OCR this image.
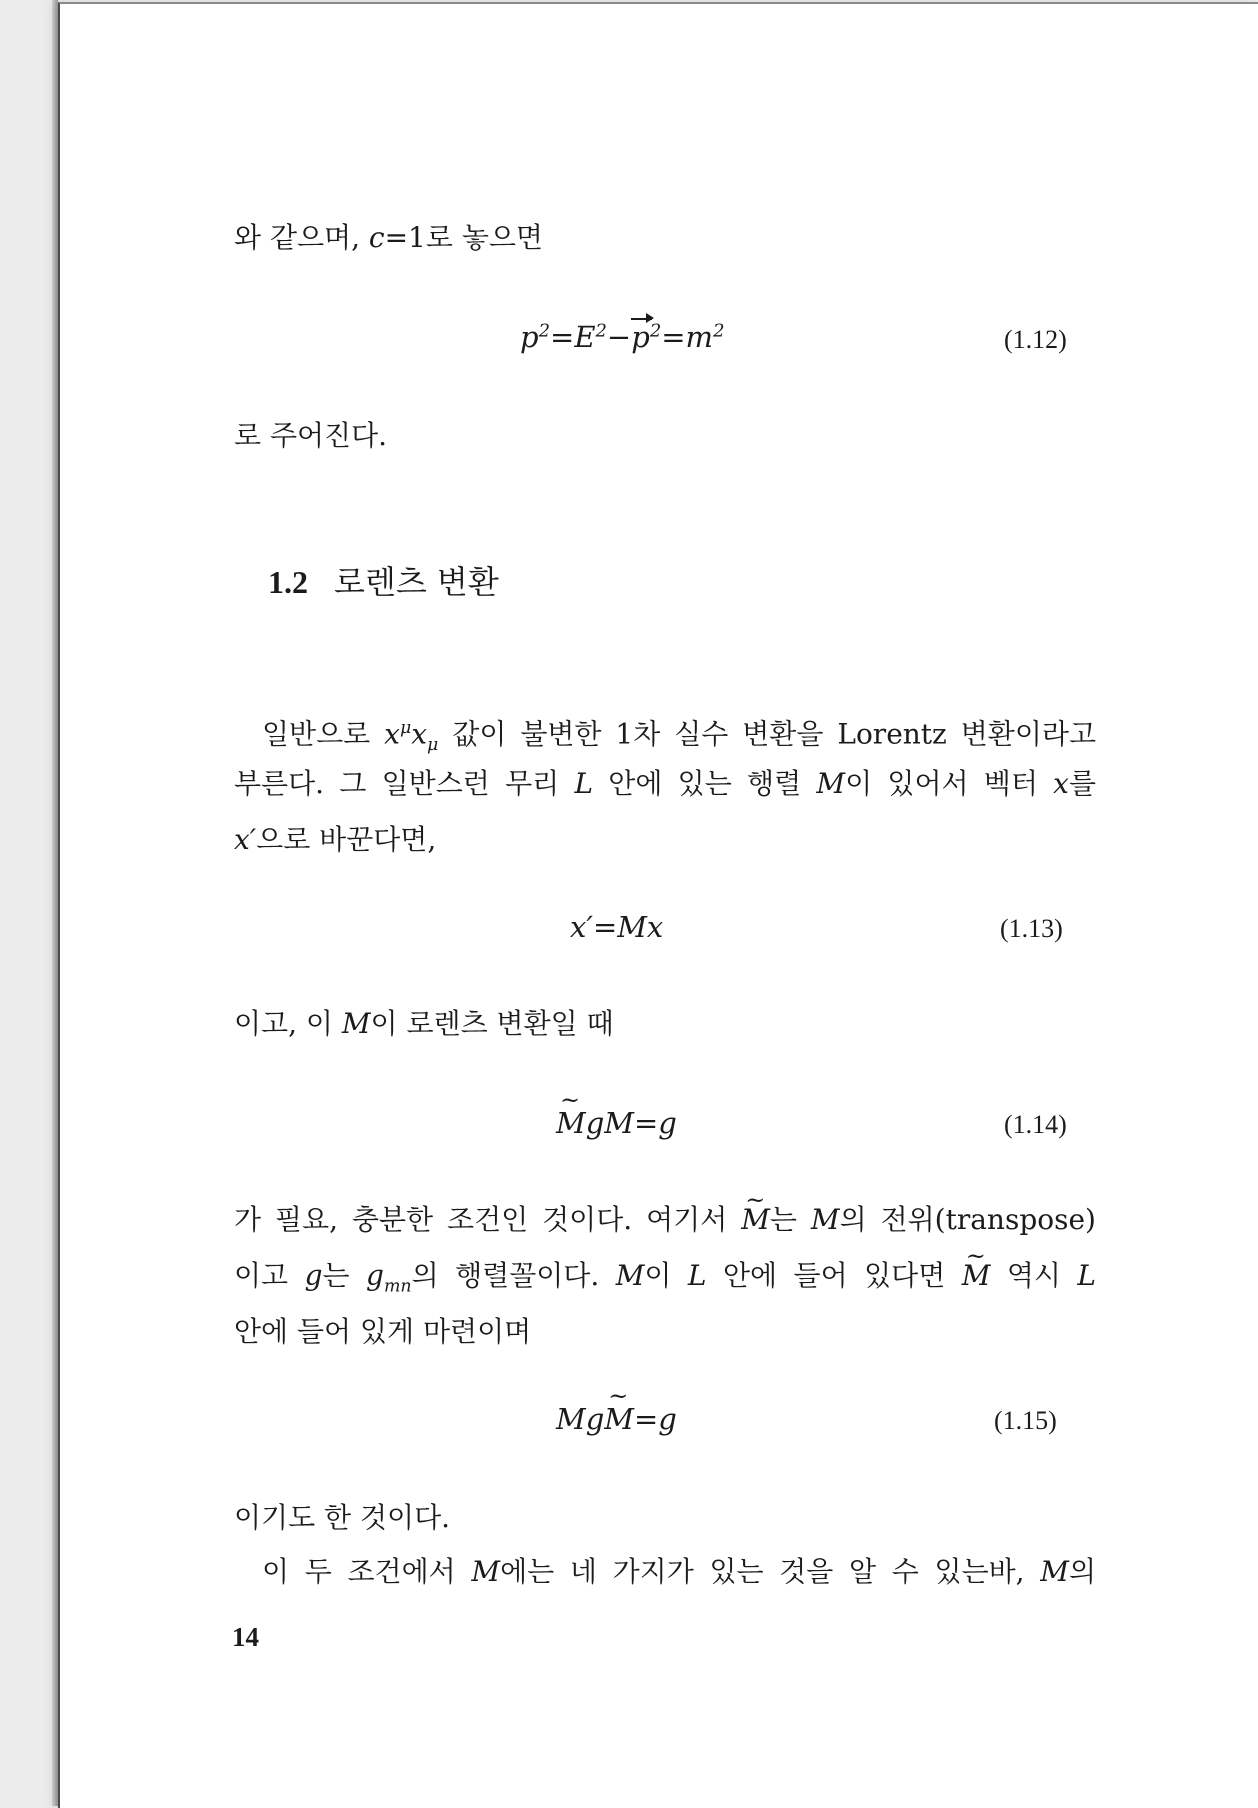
와 같으며, c=1로 놓으면
$p^2=E^2-p^2=m^2$	(1.12)
로 주어진다.
1.2 로렌츠 변환
일반으로 $x^\mu x_\mu$ 값이 불변한 1차 실수 변환을 Lorentz 변환이라고
부른다. 그 일반스런 무리 L 안에 있는 행렬 M이 있어서 벡터 x를
x′으로 바꾼다면,
x′=Mx	(1.13)
이고, 이 M이 로렌츠 변환일 때
~ MgM=g	(1.14)
가 필요, 충분한 조건인 것이다. 여기서 ~ M는 M의 전위(transpose)
이고 g는 $g_{mn}$의 행렬꼴이다. M이 L 안에 들어 있다면 ~ M 역시 L
안에 들어 있게 마련이며
Mg~ M=g	(1.15)
이기도 한 것이다.
이 두 조건에서 M에는 네 가지가 있는 것을 알 수 있는바, M의
14
